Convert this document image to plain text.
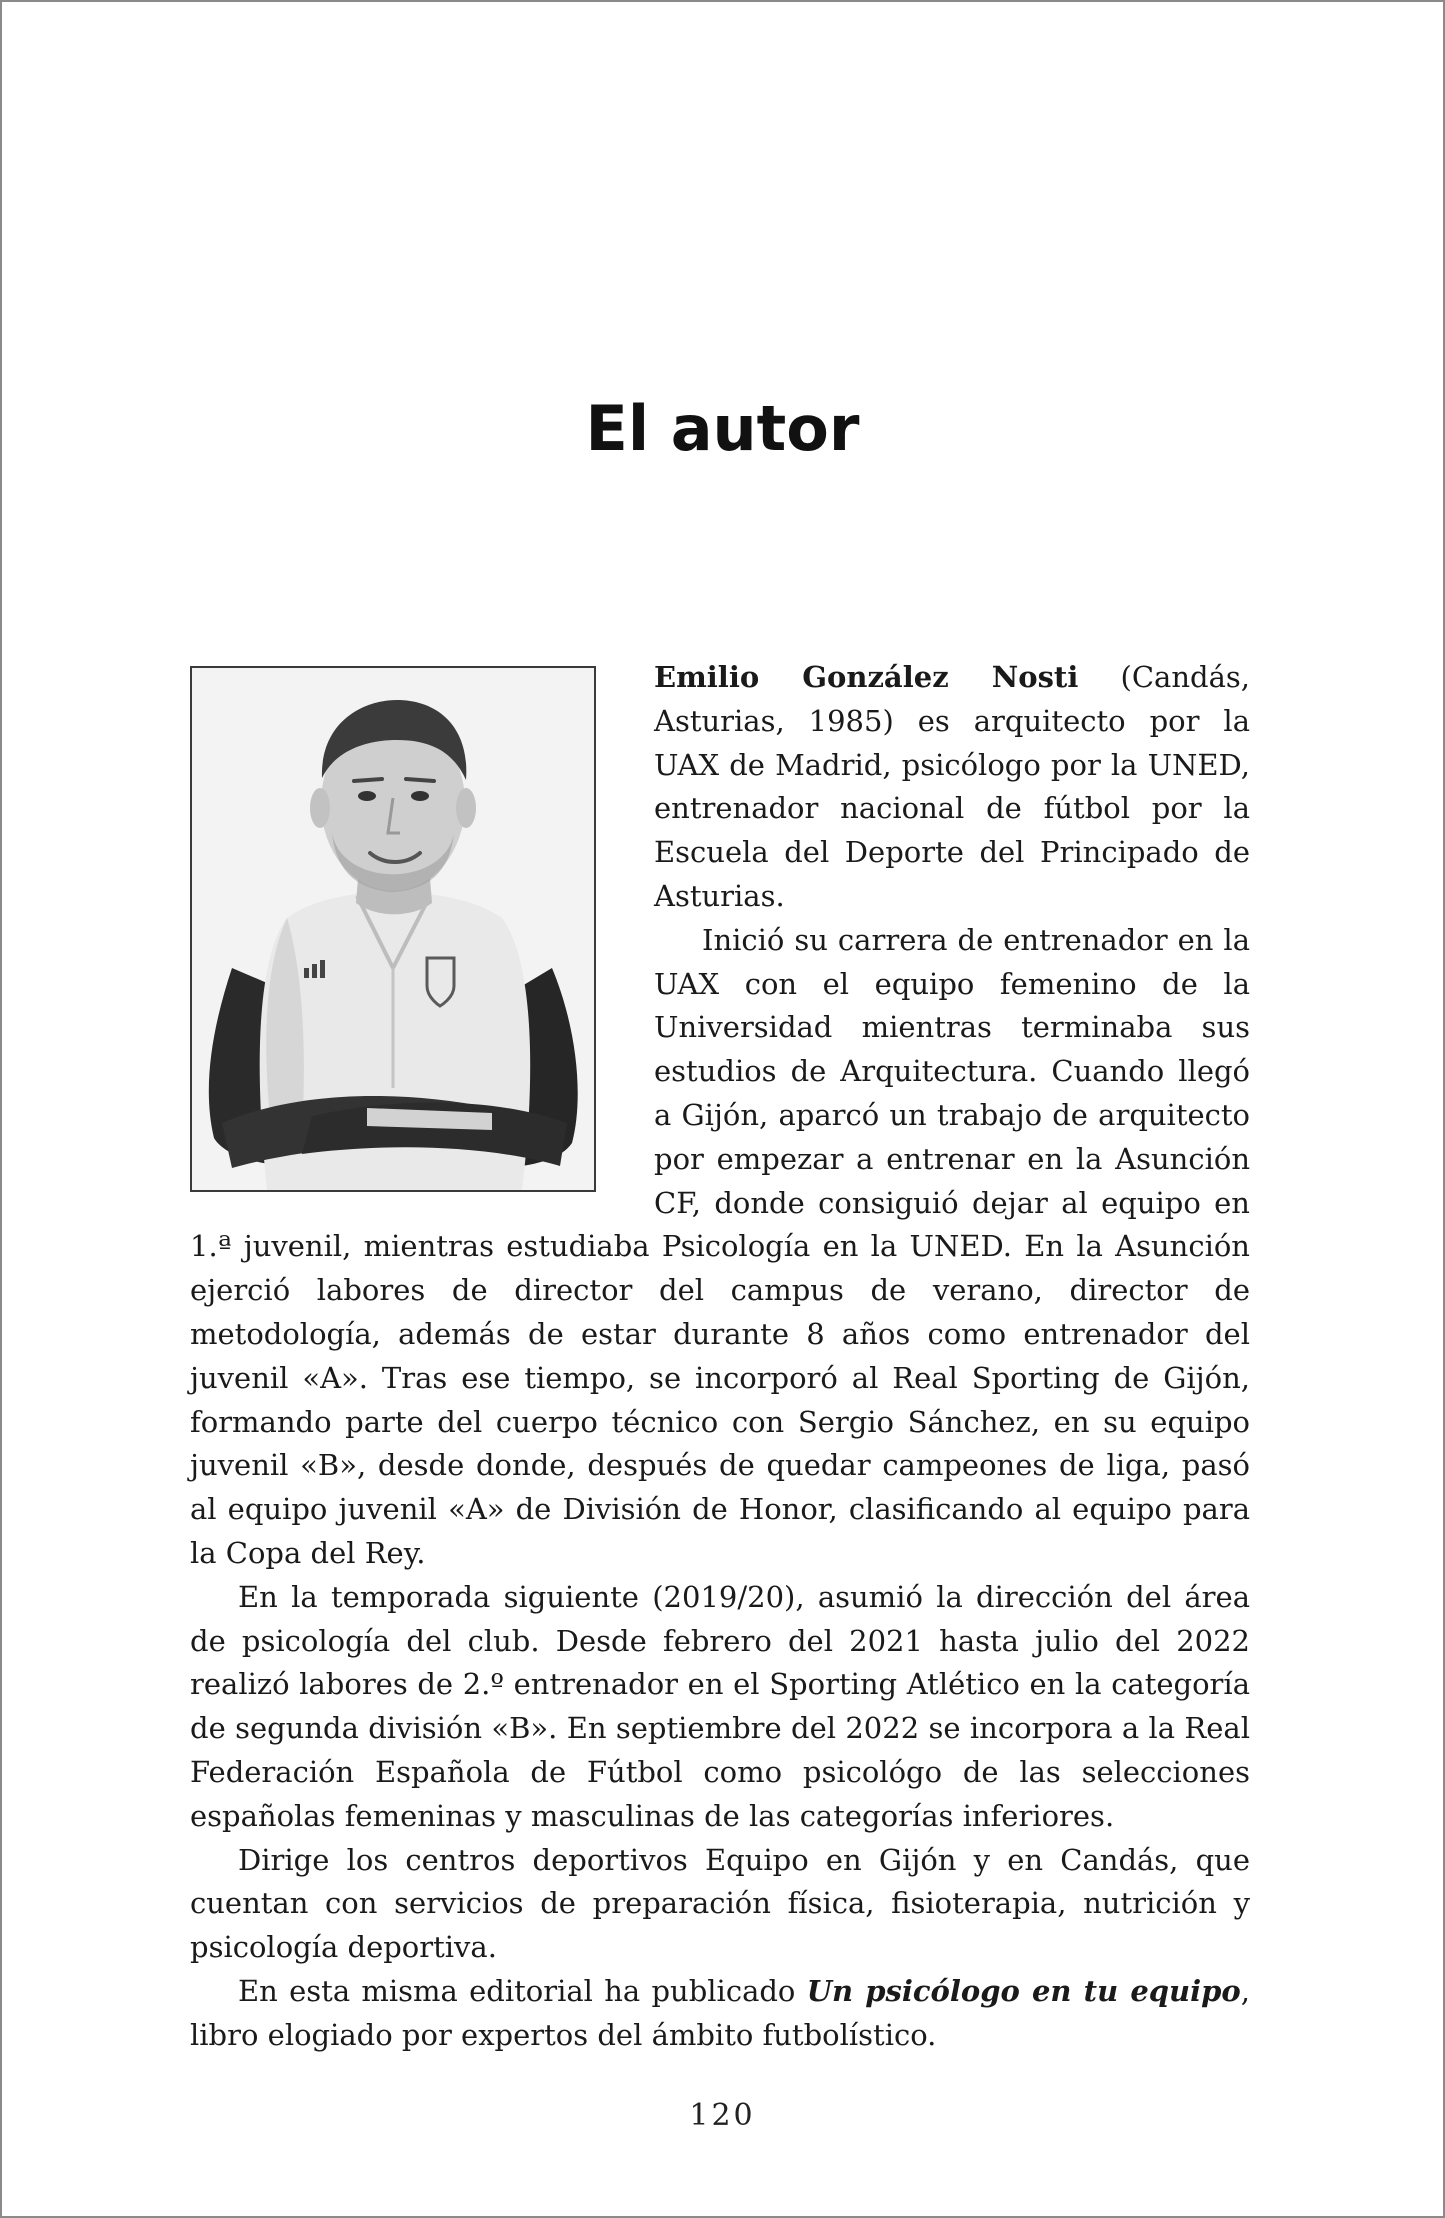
El autor

Emilio González Nosti (Candás, Asturias, 1985) es arquitecto por la UAX de Madrid, psicólogo por la UNED, entrenador nacional de fútbol por la Escuela del Deporte del Principado de Asturias.

Inició su carrera de entrenador en la UAX con el equipo femenino de la Universidad mientras terminaba sus estudios de Arquitectura. Cuando llegó a Gijón, aparcó un trabajo de arquitecto por empezar a entrenar en la Asunción CF, donde consiguió dejar al equipo en 1.ª juvenil, mientras estudiaba Psicología en la UNED. En la Asunción ejerció labores de director del campus de verano, director de metodología, además de estar durante 8 años como entrenador del juvenil «A». Tras ese tiempo, se incorporó al Real Sporting de Gijón, formando parte del cuerpo técnico con Sergio Sánchez, en su equipo juvenil «B», desde donde, después de quedar campeones de liga, pasó al equipo juvenil «A» de División de Honor, clasificando al equipo para la Copa del Rey.

En la temporada siguiente (2019/20), asumió la dirección del área de psicología del club. Desde febrero del 2021 hasta julio del 2022 realizó labores de 2.º entrenador en el Sporting Atlético en la categoría de segunda división «B». En septiembre del 2022 se incorpora a la Real Federación Española de Fútbol como psicológo de las selecciones españolas femeninas y masculinas de las categorías inferiores.

Dirige los centros deportivos Equipo en Gijón y en Candás, que cuentan con servicios de preparación física, fisioterapia, nutrición y psicología deportiva.

En esta misma editorial ha publicado Un psicólogo en tu equipo, libro elogiado por expertos del ámbito futbolístico.

120
